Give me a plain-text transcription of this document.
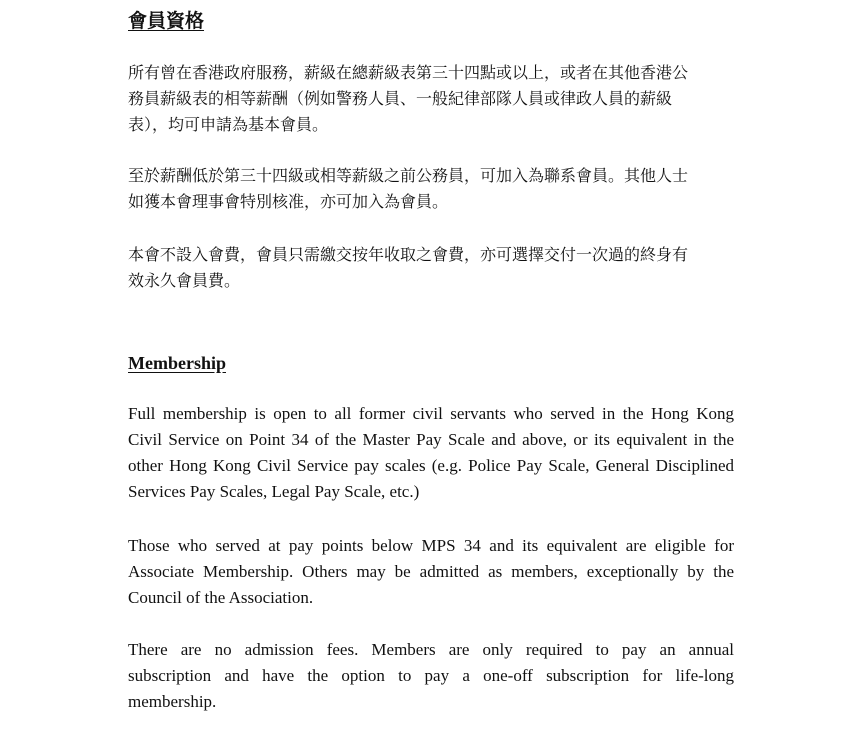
會員資格

所有曾在香港政府服務，薪級在總薪級表第三十四點或以上，或者在其他香港公
務員薪級表的相等薪酬（例如警務人員、一般紀律部隊人員或律政人員的薪級
表），均可申請為基本會員。

至於薪酬低於第三十四級或相等薪級之前公務員，可加入為聯系會員。其他人士
如獲本會理事會特別核准，亦可加入為會員。

本會不設入會費，會員只需繳交按年收取之會費，亦可選擇交付一次過的終身有
效永久會員費。

Membership

Full membership is open to all former civil servants who served in the Hong Kong
Civil Service on Point 34 of the Master Pay Scale and above, or its equivalent in the
other Hong Kong Civil Service pay scales (e.g. Police Pay Scale, General Disciplined
Services Pay Scales, Legal Pay Scale, etc.)

Those who served at pay points below MPS 34 and its equivalent are eligible for
Associate Membership. Others may be admitted as members, exceptionally by the
Council of the Association.

There are no admission fees. Members are only required to pay an annual
subscription and have the option to pay a one-off subscription for life-long
membership.
